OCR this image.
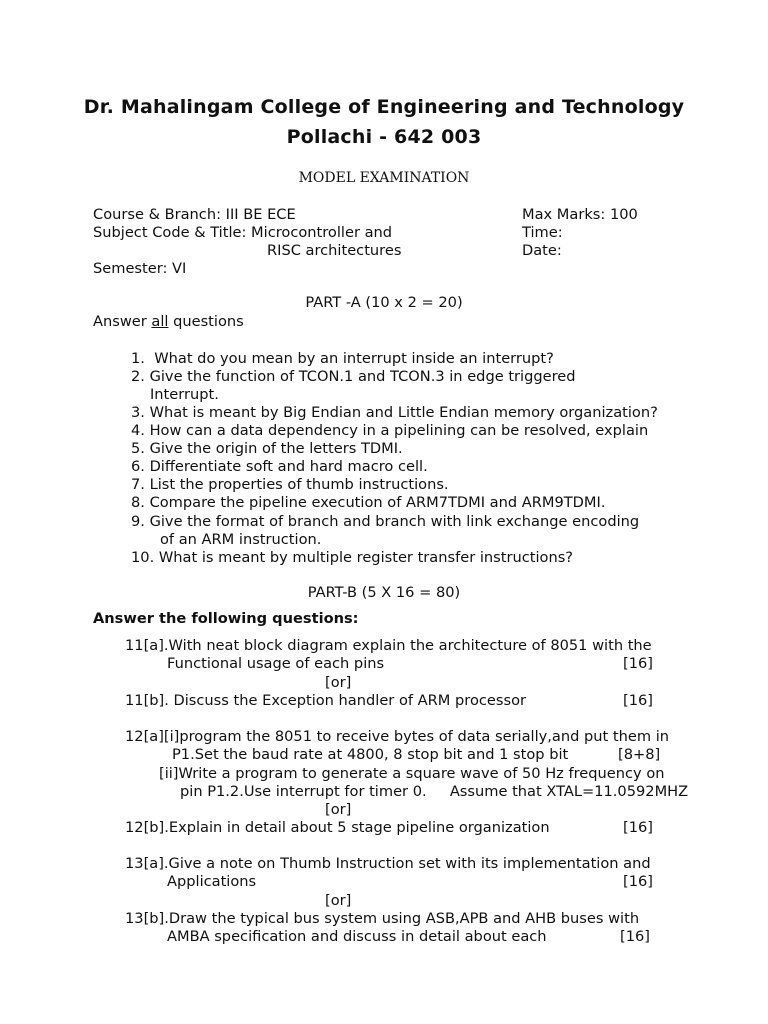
Dr. Mahalingam College of Engineering and Technology
Pollachi - 642 003
MODEL EXAMINATION
Course & Branch: III BE ECE
Subject Code & Title: Microcontroller and
RISC architectures
Semester: VI
Max Marks: 100
Time:
Date:
PART -A (10 x 2 = 20)
Answer all questions
1.  What do you mean by an interrupt inside an interrupt?
2. Give the function of TCON.1 and TCON.3 in edge triggered
Interrupt.
3. What is meant by Big Endian and Little Endian memory organization?
4. How can a data dependency in a pipelining can be resolved, explain
5. Give the origin of the letters TDMI.
6. Differentiate soft and hard macro cell.
7. List the properties of thumb instructions.
8. Compare the pipeline execution of ARM7TDMI and ARM9TDMI.
9. Give the format of branch and branch with link exchange encoding
of an ARM instruction.
10. What is meant by multiple register transfer instructions?
PART-B (5 X 16 = 80)
Answer the following questions:
11[a].With neat block diagram explain the architecture of 8051 with the
Functional usage of each pins	[16]
[or]
11[b]. Discuss the Exception handler of ARM processor	[16]
12[a][i]program the 8051 to receive bytes of data serially,and put them in
P1.Set the baud rate at 4800, 8 stop bit and 1 stop bit	[8+8]
[ii]Write a program to generate a square wave of 50 Hz frequency on
pin P1.2.Use interrupt for timer 0.     Assume that XTAL=11.0592MHZ
[or]
12[b].Explain in detail about 5 stage pipeline organization	[16]
13[a].Give a note on Thumb Instruction set with its implementation and
Applications	[16]
[or]
13[b].Draw the typical bus system using ASB,APB and AHB buses with
AMBA specification and discuss in detail about each	[16]
